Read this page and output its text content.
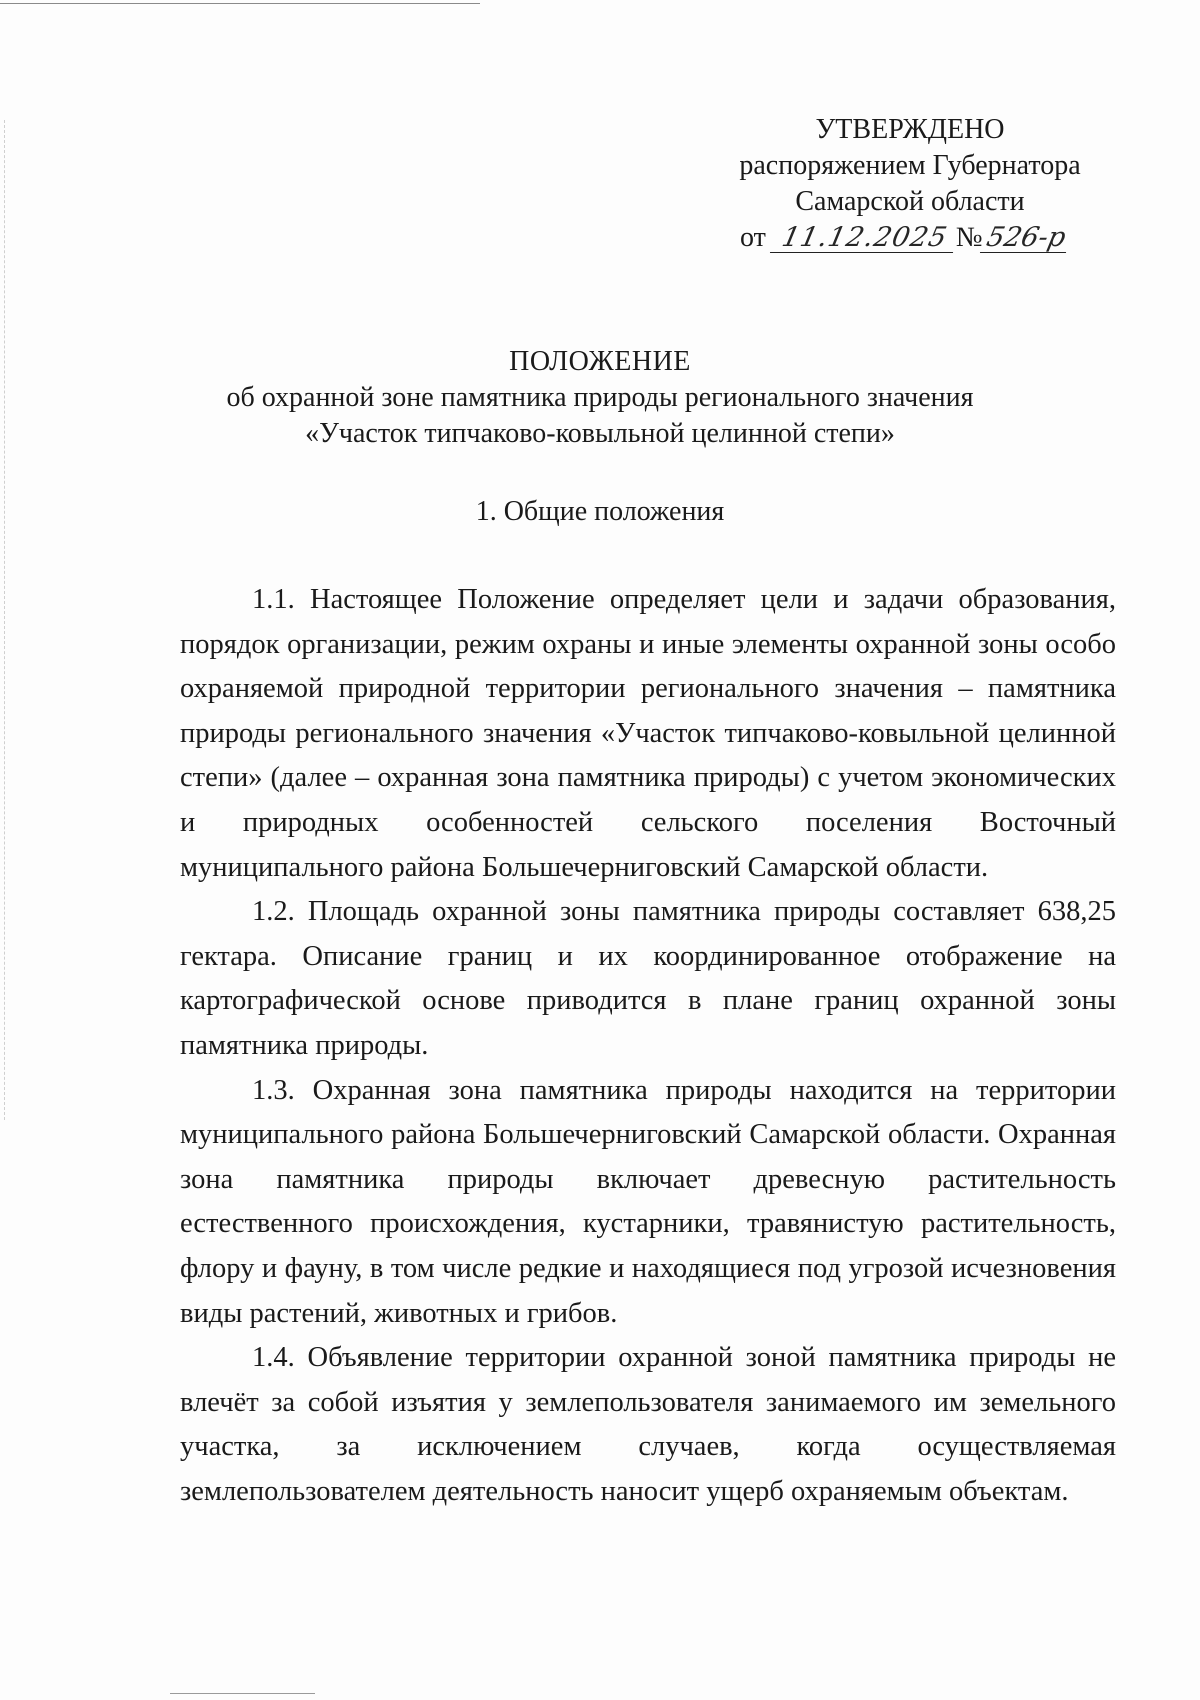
УТВЕРЖДЕНО
распоряжением Губернатора
Самарской области
от 11.12.2025 №526-р
ПОЛОЖЕНИЕ
об охранной зоне памятника природы регионального значения
«Участок типчаково-ковыльной целинной степи»
1. Общие положения

1.1. Настоящее Положение определяет цели и задачи образования, порядок организации, режим охраны и иные элементы охранной зоны особо охраняемой природной территории регионального значения – памятника природы регионального значения «Участок типчаково-ковыльной целинной степи» (далее – охранная зона памятника природы) с учетом экономических и природных особенностей сельского поселения Восточный муниципального района Большечерниговский Самарской области.

1.2. Площадь охранной зоны памятника природы составляет 638,25 гектара. Описание границ и их координированное отображение на картографической основе приводится в плане границ охранной зоны памятника природы.

1.3. Охранная зона памятника природы находится на территории муниципального района Большечерниговский Самарской области. Охранная зона памятника природы включает древесную растительность естественного происхождения, кустарники, травянистую растительность, флору и фауну, в том числе редкие и находящиеся под угрозой исчезновения виды растений, животных и грибов.

1.4. Объявление территории охранной зоной памятника природы не влечёт за собой изъятия у землепользователя занимаемого им земельного участка, за исключением случаев, когда осуществляемая землепользователем деятельность наносит ущерб охраняемым объектам.
